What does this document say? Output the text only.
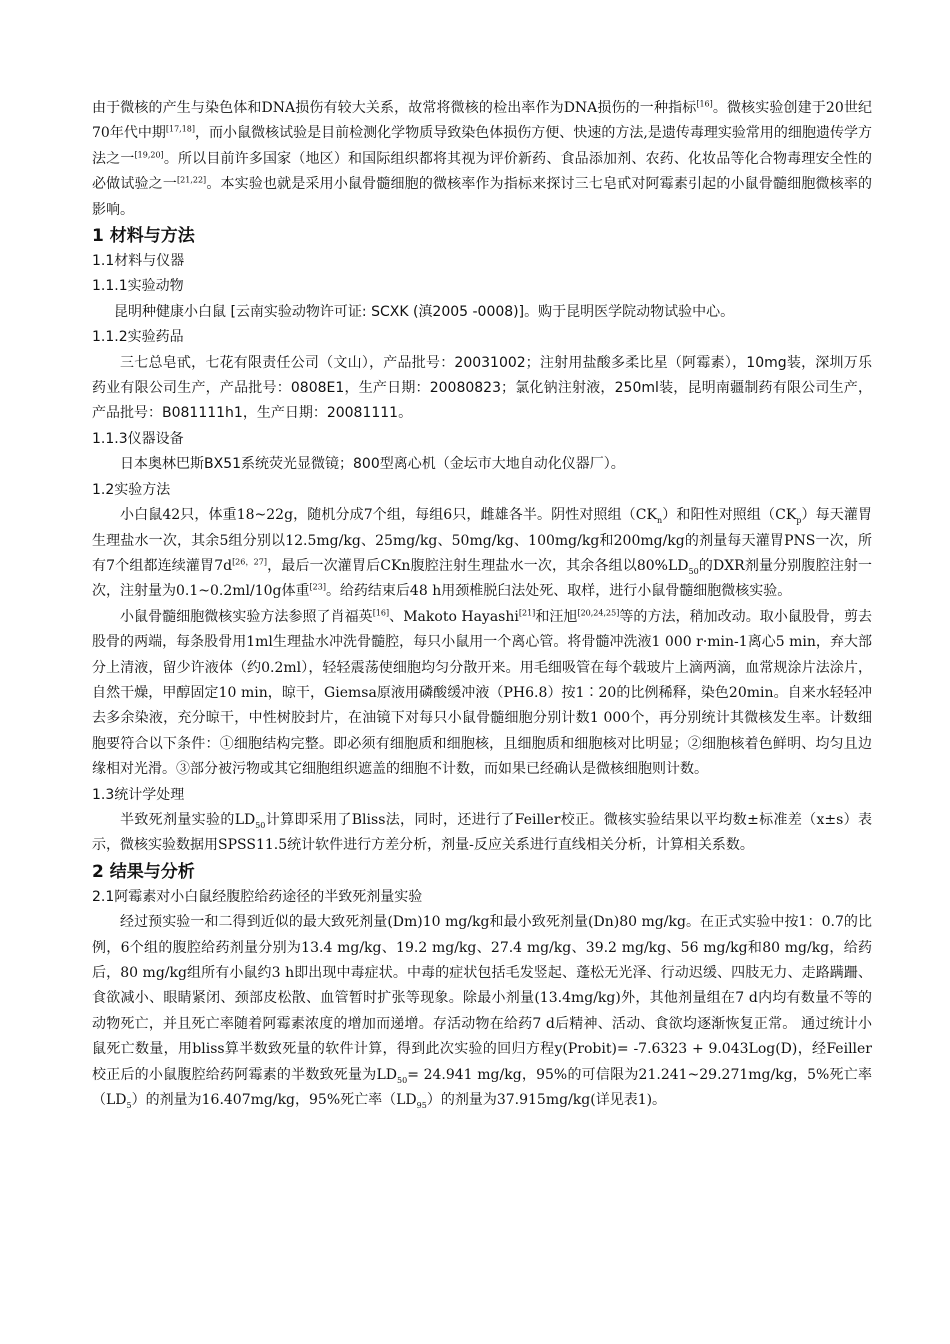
由于微核的产生与染色体和DNA损伤有较大关系，故常将微核的检出率作为DNA损伤的一种指标[16]。微核实验创建于20世纪70年代中期[17,18]，而小鼠微核试验是目前检测化学物质导致染色体损伤方便、快速的方法,是遗传毒理实验常用的细胞遗传学方法之一[19,20]。所以目前许多国家（地区）和国际组织都将其视为评价新药、食品添加剂、农药、化妆品等化合物毒理安全性的必做试验之一[21,22]。本实验也就是采用小鼠骨髓细胞的微核率作为指标来探讨三七皂甙对阿霉素引起的小鼠骨髓细胞微核率的影响。

1 材料与方法
1.1材料与仪器
1.1.1实验动物

昆明种健康小白鼠 [云南实验动物许可证: SCXK (滇2005 -0008)]。购于昆明医学院动物试验中心。

1.1.2实验药品

三七总皂甙，七花有限责任公司（文山），产品批号：20031002；注射用盐酸多柔比星（阿霉素），10mg装，深圳万乐药业有限公司生产，产品批号：0808E1，生产日期：20080823；氯化钠注射液，250ml装，昆明南疆制药有限公司生产，产品批号：B081111h1，生产日期：20081111。

1.1.3仪器设备

日本奥林巴斯BX51系统荧光显微镜；800型离心机（金坛市大地自动化仪器厂）。

1.2实验方法

小白鼠42只，体重18~22g，随机分成7个组，每组6只，雌雄各半。阴性对照组$(CK_n)$和阳性对照组$(CK_p)$每天灌胃生理盐水一次，其余5组分别以12.5mg/kg、25mg/kg、50mg/kg、100mg/kg和200mg/kg的剂量每天灌胃PNS一次，所有7个组都连续灌胃7d[26，27]，最后一次灌胃后CKn腹腔注射生理盐水一次，其余各组以$80\%LD_{50}$的DXR剂量分别腹腔注射一次，注射量为0.1~0.2ml/10g体重[23]。给药结束后48 h用颈椎脱臼法处死、取样，进行小鼠骨髓细胞微核实验。

小鼠骨髓细胞微核实验方法参照了肖福英[16]、Makoto Hayashi[21]和汪旭[20,24,25]等的方法，稍加改动。取小鼠股骨，剪去股骨的两端，每条股骨用1ml生理盐水冲洗骨髓腔，每只小鼠用一个离心管。将骨髓冲洗液1 000 r·min-1离心5 min，弃大部分上清液，留少许液体（约0.2ml），轻轻震荡使细胞均匀分散开来。用毛细吸管在每个载玻片上滴两滴，血常规涂片法涂片，自然干燥，甲醇固定10 min，晾干，Giemsa原液用磷酸缓冲液（PH6.8）按1∶20的比例稀释，染色20min。自来水轻轻冲去多余染液，充分晾干，中性树胶封片，在油镜下对每只小鼠骨髓细胞分别计数1 000个，再分别统计其微核发生率。计数细胞要符合以下条件：①细胞结构完整。即必须有细胞质和细胞核，且细胞质和细胞核对比明显；②细胞核着色鲜明、均匀且边缘相对光滑。③部分被污物或其它细胞组织遮盖的细胞不计数，而如果已经确认是微核细胞则计数。

1.3统计学处理

半致死剂量实验的$LD_{50}$计算即采用了Bliss法，同时，还进行了Feiller校正。微核实验结果以平均数±标准差（x±s）表示，微核实验数据用SPSS11.5统计软件进行方差分析，剂量-反应关系进行直线相关分析，计算相关系数。

2 结果与分析
2.1阿霉素对小白鼠经腹腔给药途径的半致死剂量实验

经过预实验一和二得到近似的最大致死剂量(Dm)10 mg/kg和最小致死剂量(Dn)80 mg/kg。在正式实验中按1：0.7的比例，6个组的腹腔给药剂量分别为13.4 mg/kg、19.2 mg/kg、27.4 mg/kg、39.2 mg/kg、56 mg/kg和80 mg/kg，给药后，80 mg/kg组所有小鼠约3 h即出现中毒症状。中毒的症状包括毛发竖起、蓬松无光泽、行动迟缓、四肢无力、走路蹒跚、食欲减小、眼睛紧闭、颈部皮松散、血管暂时扩张等现象。除最小剂量(13.4mg/kg)外，其他剂量组在7 d内均有数量不等的动物死亡，并且死亡率随着阿霉素浓度的增加而递增。存活动物在给药7 d后精神、活动、食欲均逐渐恢复正常。 通过统计小鼠死亡数量，用bliss算半数致死量的软件计算，得到此次实验的回归方程y(Probit)= -7.6323 + 9.043Log(D)，经Feiller校正后的小鼠腹腔给药阿霉素的半数致死量为$LD_{50}= 24.941$ mg/kg，95%的可信限为21.241~29.271mg/kg，5%死亡率$(LD_5)$的剂量为16.407mg/kg，95%死亡率$(LD_{95})$的剂量为37.915mg/kg(详见表1)。
